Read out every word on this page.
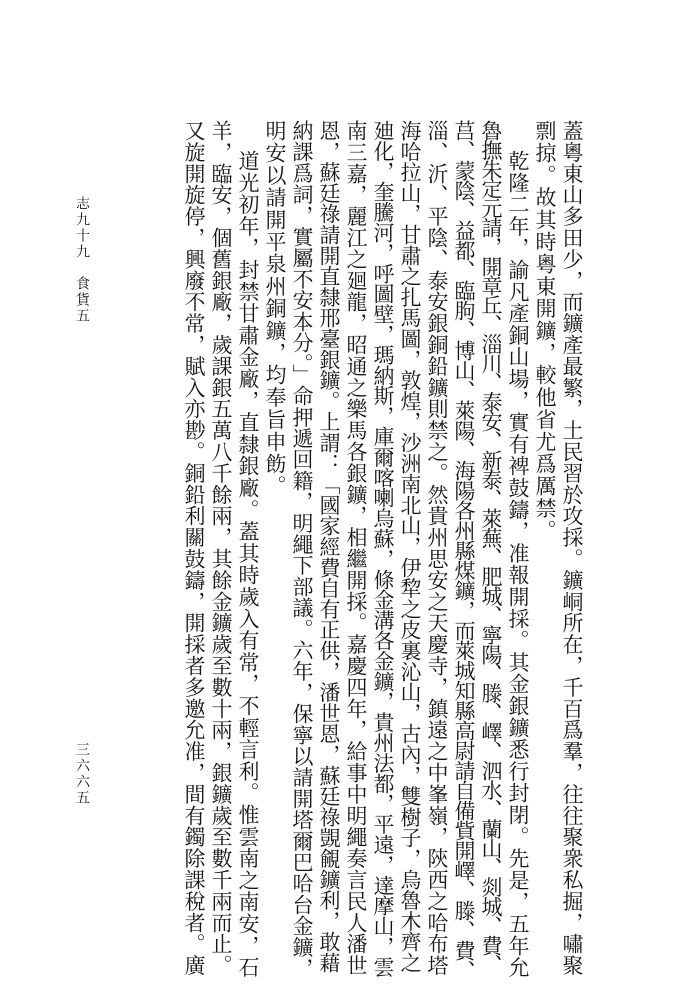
志九十九　食貨五
三六六五	蓋粵東山多田少，而鑛產最繁，土民習於攻採。鑛峒所在，千百爲羣，往往聚衆私掘，嘯聚
剽掠。故其時粵東開鑛，較他省尤爲厲禁。
乾隆二年，諭凡產銅山場，實有裨鼓鑄，准報開採。其金銀鑛悉行封閉。先是，五年允
魯撫朱定元請，開章丘、淄川、泰安、新泰、萊蕪、肥城、寧陽、滕、嶧、泗水、蘭山、剡城、費、
莒、蒙陰、益都、臨朐、博山、萊陽、海陽各州縣煤鑛，而萊城知縣高尉請自備貲開嶧、滕、費、
淄、沂、平陰、泰安銀銅鉛鑛則禁之。然貴州思安之天慶寺，鎮遠之中峯嶺，陝西之哈布塔
海哈拉山，甘肅之扎馬圖，敦煌，沙洲南北山，伊犂之皮裏沁山，古內，雙樹子，烏魯木齊之
廸化，奎騰河，呼圖壁，瑪納斯，庫爾喀喇烏蘇，條金溝各金鑛，貴州法都，平遠，達摩山，雲
南三嘉，麗江之廻龍，昭通之樂馬各銀鑛，相繼開採。嘉慶四年，給事中明繩奏言民人潘世
恩，蘇廷祿請開直隸邢臺銀鑛。上謂：「國家經費自有正供，潘世恩，蘇廷祿覬覦鑛利，敢藉
納課爲詞，實屬不安本分。」命押遞回籍，明繩下部議。六年，保寧以請開塔爾巴哈台金鑛，
明安以請開平泉州銅鑛，均奉旨申飭。
道光初年，封禁甘肅金廠，直隸銀廠。蓋其時歲入有常，不輕言利。惟雲南之南安，石
羊，臨安，個舊銀廠，歲課銀五萬八千餘兩，其餘金鑛歲至數十兩，銀鑛歲至數千兩而止。
又旋開旋停，興廢不常，賦入亦尠。銅鉛利關鼓鑄，開採者多邀允准，間有鐲除課稅者。廣
